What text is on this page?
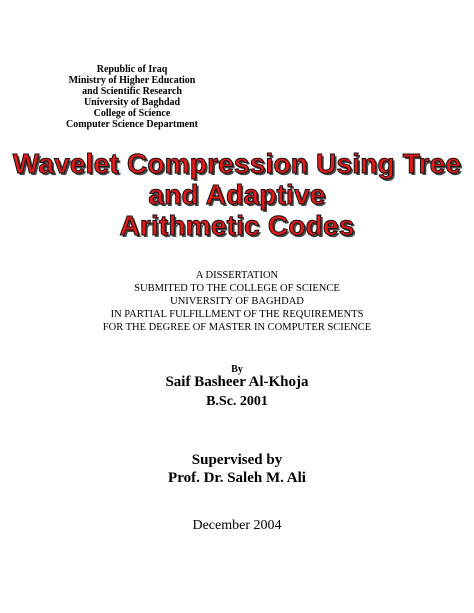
Republic of Iraq
Ministry of Higher Education
and Scientific Research
University of Baghdad
College of Science
Computer Science Department
Wavelet Compression Using Tree
and Adaptive
Arithmetic Codes
A DISSERTATION
SUBMITED TO THE COLLEGE OF SCIENCE
UNIVERSITY OF BAGHDAD
IN PARTIAL FULFILLMENT OF THE REQUIREMENTS
FOR THE DEGREE OF MASTER IN COMPUTER SCIENCE
By
Saif Basheer Al-Khoja
B.Sc. 2001
Supervised by
Prof. Dr. Saleh M. Ali
December 2004
